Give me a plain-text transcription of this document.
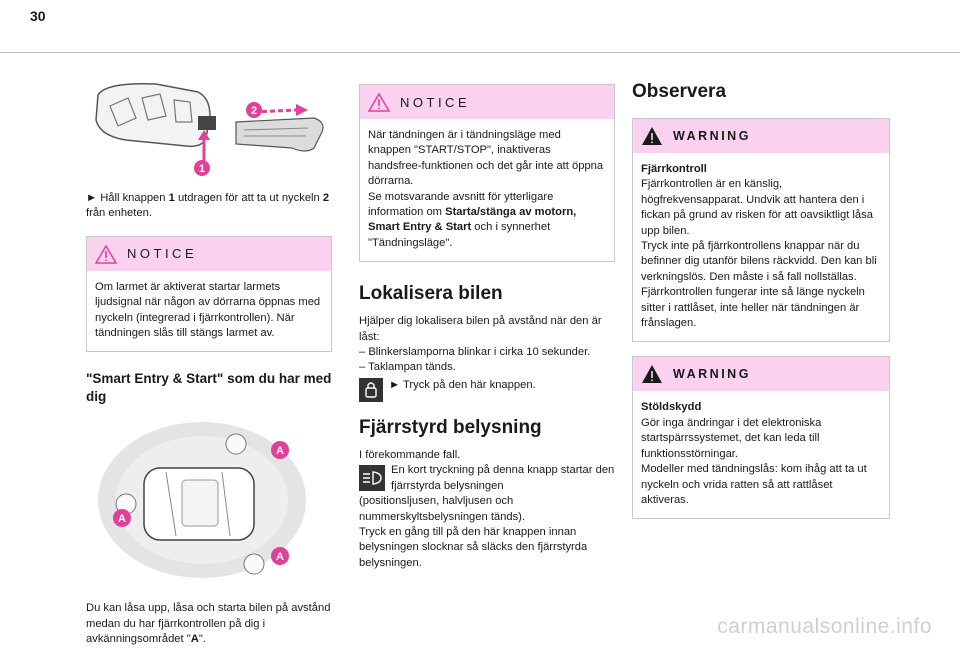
30
1
2

► Håll knappen 1 utdragen för att ta ut nyckeln 2 från enheten.

NOTICE
Om larmet är aktiverat startar larmets ljudsignal när någon av dörrarna öppnas med nyckeln (integrerad i fjärrkontrollen). När tändningen slås till stängs larmet av.
"Smart Entry & Start" som du har med dig
A
A
A

Du kan låsa upp, låsa och starta bilen på avstånd medan du har fjärrkontrollen på dig i avkänningsområdet "A".

NOTICE
När tändningen är i tändningsläge med knappen "START/STOP", inaktiveras handsfree-funktionen och det går inte att öppna dörrarna.
Se motsvarande avsnitt för ytterligare information om Starta/stänga av motorn, Smart Entry & Start och i synnerhet "Tändningsläge".
Lokalisera bilen

Hjälper dig lokalisera bilen på avstånd när den är låst:

– Blinkerslamporna blinkar i cirka 10 sekunder.

– Taklampan tänds.

► Tryck på den här knappen.

Fjärrstyrd belysning

I förekommande fall.

En kort tryckning på denna knapp startar den fjärrstyrda belysningen

(positionsljusen, halvljusen och nummerskyltsbelysningen tänds).

Tryck en gång till på den här knappen innan belysningen slocknar så släcks den fjärrstyrda belysningen.

Observera
WARNING
Fjärrkontroll
Fjärrkontrollen är en känslig, högfrekvensapparat. Undvik att hantera den i fickan på grund av risken för att oavsiktligt låsa upp bilen.
Tryck inte på fjärrkontrollens knappar när du befinner dig utanför bilens räckvidd. Den kan bli verkningslös. Den måste i så fall nollställas.
Fjärrkontrollen fungerar inte så länge nyckeln sitter i rattlåset, inte heller när tändningen är frånslagen.
WARNING
Stöldskydd
Gör inga ändringar i det elektroniska startspärrssystemet, det kan leda till funktionsstörningar.
Modeller med tändningslås: kom ihåg att ta ut nyckeln och vrida ratten så att rattlåset aktiveras.
carmanualsonline.info
